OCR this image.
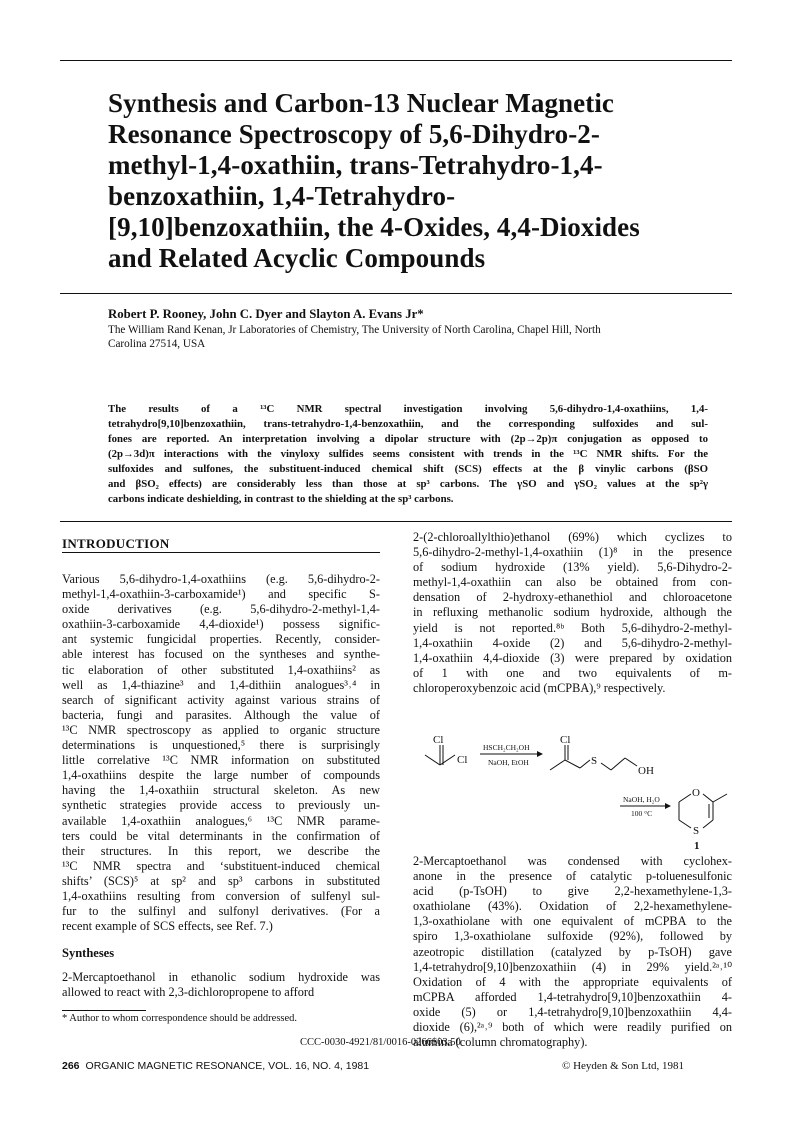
Synthesis and Carbon-13 Nuclear Magnetic
Resonance Spectroscopy of 5,6-Dihydro-2-
methyl-1,4-oxathiin, trans-Tetrahydro-1,4-
benzoxathiin, 1,4-Tetrahydro-
[9,10]benzoxathiin, the 4-Oxides, 4,4-Dioxides
and Related Acyclic Compounds
Robert P. Rooney, John C. Dyer and Slayton A. Evans Jr*
The William Rand Kenan, Jr Laboratories of Chemistry, The University of North Carolina, Chapel Hill, North
Carolina 27514, USA
The results of a ¹³C NMR spectral investigation involving 5,6-dihydro-1,4-oxathiins, 1,4-
tetrahydro[9,10]benzoxathiin, trans-tetrahydro-1,4-benzoxathiin, and the corresponding sulfoxides and sul-
fones are reported. An interpretation involving a dipolar structure with (2p→2p)π conjugation as opposed to
(2p→3d)π interactions with the vinyloxy sulfides seems consistent with trends in the ¹³C NMR shifts. For the
sulfoxides and sulfones, the substituent-induced chemical shift (SCS) effects at the β vinylic carbons (βSO
and βSO₂ effects) are considerably less than those at sp³ carbons. The γSO and γSO₂ values at the sp²γ
carbons indicate deshielding, in contrast to the shielding at the sp³ carbons.
INTRODUCTION
Various 5,6-dihydro-1,4-oxathiins (e.g. 5,6-dihydro-2-
methyl-1,4-oxathiin-3-carboxamide¹) and specific S-
oxide derivatives (e.g. 5,6-dihydro-2-methyl-1,4-
oxathiin-3-carboxamide 4,4-dioxide¹) possess signific-
ant systemic fungicidal properties. Recently, consider-
able interest has focused on the syntheses and synthe-
tic elaboration of other substituted 1,4-oxathiins² as
well as 1,4-thiazine³ and 1,4-dithiin analogues³˒⁴ in
search of significant activity against various strains of
bacteria, fungi and parasites. Although the value of
¹³C NMR spectroscopy as applied to organic structure
determinations is unquestioned,⁵ there is surprisingly
little correlative ¹³C NMR information on substituted
1,4-oxathiins despite the large number of compounds
having the 1,4-oxathiin structural skeleton. As new
synthetic strategies provide access to previously un-
available 1,4-oxathiin analogues,⁶ ¹³C NMR parame-
ters could be vital determinants in the confirmation of
their structures. In this report, we describe the
¹³C NMR spectra and ‘substituent-induced chemical
shifts’ (SCS)⁵ at sp² and sp³ carbons in substituted
1,4-oxathiins resulting from conversion of sulfenyl sul-
fur to the sulfinyl and sulfonyl derivatives. (For a
recent example of SCS effects, see Ref. 7.)
Syntheses
2-Mercaptoethanol in ethanolic sodium hydroxide was
allowed to react with 2,3-dichloropropene to afford
* Author to whom correspondence should be addressed.
2-(2-chloroallylthio)ethanol (69%) which cyclizes to
5,6-dihydro-2-methyl-1,4-oxathiin (1)⁸ in the presence
of sodium hydroxide (13% yield). 5,6-Dihydro-2-
methyl-1,4-oxathiin can also be obtained from con-
densation of 2-hydroxy-ethanethiol and chloroacetone
in refluxing methanolic sodium hydroxide, although the
yield is not reported.⁸ᵇ Both 5,6-dihydro-2-methyl-
1,4-oxathiin 4-oxide (2) and 5,6-dihydro-2-methyl-
1,4-oxathiin 4,4-dioxide (3) were prepared by oxidation
of 1 with one and two equivalents of m-
chloroperoxybenzoic acid (mCPBA),⁹ respectively.
Cl
Cl
HSCH₂CH₂OH
NaOH, EtOH
Cl
S
OH
NaOH, H₂O
100 °C
O
S
1
2-Mercaptoethanol was condensed with cyclohex-
anone in the presence of catalytic p-toluenesulfonic
acid (p-TsOH) to give 2,2-hexamethylene-1,3-
oxathiolane (43%). Oxidation of 2,2-hexamethylene-
1,3-oxathiolane with one equivalent of mCPBA to the
spiro 1,3-oxathiolane sulfoxide (92%), followed by
azeotropic distillation (catalyzed by p-TsOH) gave
1,4-tetrahydro[9,10]benzoxathiin (4) in 29% yield.²ᵃ˒¹⁰
Oxidation of 4 with the appropriate equivalents of
mCPBA afforded 1,4-tetrahydro[9,10]benzoxathiin 4-
oxide (5) or 1,4-tetrahydro[9,10]benzoxathiin 4,4-
dioxide (6),²ᵃ˒⁹ both of which were readily purified on
alumina (column chromatography).
CCC-0030-4921/81/0016-0266$03.50
266 ORGANIC MAGNETIC RESONANCE, VOL. 16, NO. 4, 1981	© Heyden & Son Ltd, 1981
